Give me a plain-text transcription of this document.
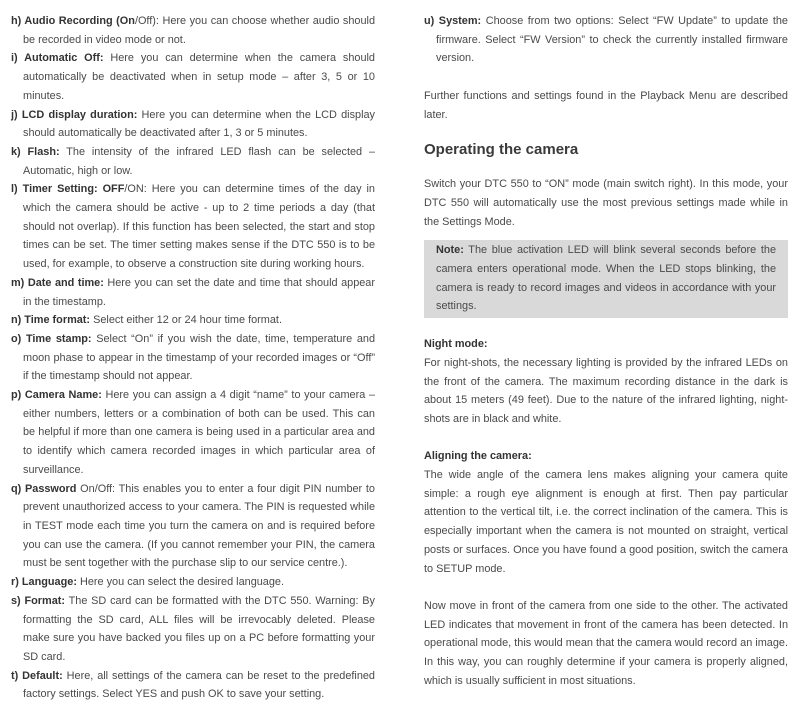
h) Audio Recording (On/Off): Here you can choose whether audio should be recorded in video mode or not.
i) Automatic Off: Here you can determine when the camera should automatically be deactivated when in setup mode – after 3, 5 or 10 minutes.
j) LCD display duration: Here you can determine when the LCD display should automatically be deactivated after 1, 3 or 5 minutes.
k) Flash: The intensity of the infrared LED flash can be selected – Automatic, high or low.
l) Timer Setting: OFF/ON: Here you can determine times of the day in which the camera should be active - up to 2 time periods a day (that should not overlap). If this function has been selected, the start and stop times can be set. The timer setting makes sense if the DTC 550 is to be used, for example, to observe a construction site during working hours.
m) Date and time: Here you can set the date and time that should appear in the timestamp.
n) Time format: Select either 12 or 24 hour time format.
o) Time stamp: Select “On” if you wish the date, time, temperature and moon phase to appear in the timestamp of your recorded images or “Off” if the timestamp should not appear.
p) Camera Name: Here you can assign a 4 digit “name” to your camera – either numbers, letters or a combination of both can be used. This can be helpful if more than one camera is being used in a particular area and to identify which camera recorded images in which particular area of surveillance.
q) Password On/Off: This enables you to enter a four digit PIN number to prevent unauthorized access to your camera. The PIN is requested while in TEST mode each time you turn the camera on and is required before you can use the camera. (If you cannot remember your PIN, the camera must be sent together with the purchase slip to our service centre.).
r) Language: Here you can select the desired language.
s) Format: The SD card can be formatted with the DTC 550. Warning: By formatting the SD card, ALL files will be irrevocably deleted. Please make sure you have backed you files up on a PC before formatting your SD card.
t) Default: Here, all settings of the camera can be reset to the predefined factory settings. Select YES and push OK to save your setting.

u) System: Choose from two options: Select “FW Update” to update the firmware. Select “FW Version” to check the currently installed firmware version.

Further functions and settings found in the Playback Menu are described later.

Operating the camera

Switch your DTC 550 to “ON” mode (main switch right). In this mode, your DTC 550 will automatically use the most previous settings made while in the Settings Mode.

Note: The blue activation LED will blink several seconds before the camera enters operational mode. When the LED stops blinking, the camera is ready to record images and videos in accordance with your settings.

Night mode:

For night-shots, the necessary lighting is provided by the infrared LEDs on the front of the camera. The maximum recording distance in the dark is about 15 meters (49 feet). Due to the nature of the infrared lighting, night-shots are in black and white.

Aligning the camera:

The wide angle of the camera lens makes aligning your camera quite simple: a rough eye alignment is enough at first. Then pay particular attention to the vertical tilt, i.e. the correct inclination of the camera. This is especially important when the camera is not mounted on straight, vertical posts or surfaces. Once you have found a good position, switch the camera to SETUP mode.

Now move in front of the camera from one side to the other. The activated LED indicates that movement in front of the camera has been detected. In operational mode, this would mean that the camera would record an image. In this way, you can roughly determine if your camera is properly aligned, which is usually sufficient in most situations.
